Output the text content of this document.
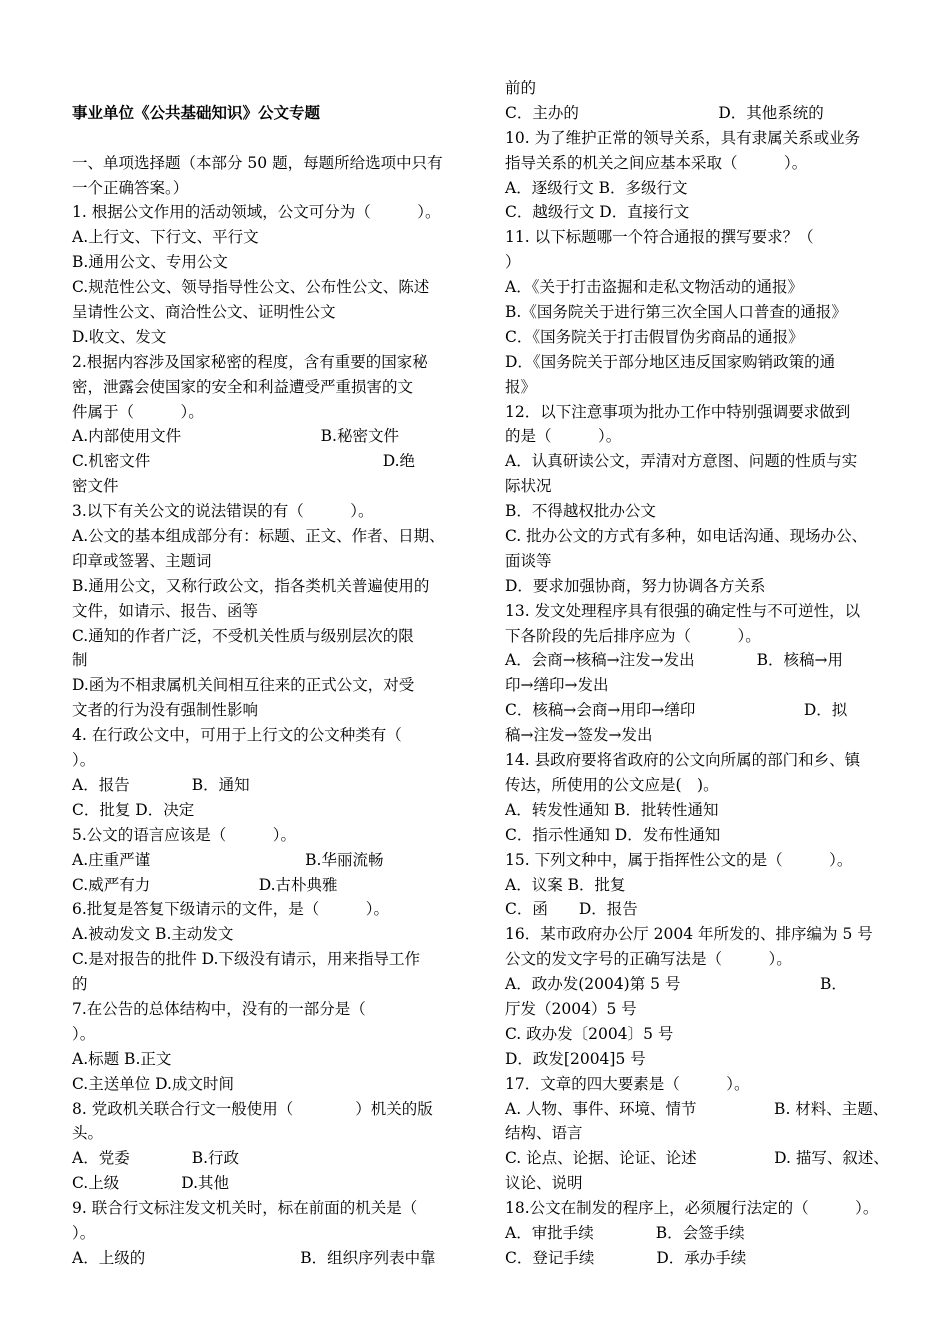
事业单位《公共基础知识》公文专题
一、单项选择题（本部分 50 题，每题所给选项中只有
一个正确答案。）
1. 根据公文作用的活动领域，公文可分为（　　　）。
A.上行文、下行文、平行文
B.通用公文、专用公文
C.规范性公文、领导指导性公文、公布性公文、陈述
呈请性公文、商洽性公文、证明性公文
D.收文、发文
2.根据内容涉及国家秘密的程度，含有重要的国家秘
密，泄露会使国家的安全和利益遭受严重损害的文
件属于（　　　）。
A.内部使用文件　　　　　　　　　B.秘密文件
C.机密文件　　　　　　　　　　　　　　　D.绝
密文件
3.以下有关公文的说法错误的有（　　　）。
A.公文的基本组成部分有：标题、正文、作者、日期、
印章或签署、主题词
B.通用公文，又称行政公文，指各类机关普遍使用的
文件，如请示、报告、函等
C.通知的作者广泛，不受机关性质与级别层次的限
制
D.函为不相隶属机关间相互往来的正式公文，对受
文者的行为没有强制性影响
4. 在行政公文中，可用于上行文的公文种类有（
）。
A．报告　　　　B．通知
C．批复 D．决定
5.公文的语言应该是（　　　）。
A.庄重严谨　　　　　　　　　　B.华丽流畅
C.威严有力　　　　　　　D.古朴典雅
6.批复是答复下级请示的文件，是（　　　）。
A.被动发文 B.主动发文
C.是对报告的批件 D.下级没有请示，用来指导工作
的
7.在公告的总体结构中，没有的一部分是（
）。
A.标题 B.正文
C.主送单位 D.成文时间
8. 党政机关联合行文一般使用（　　　　）机关的版
头。
A．党委　　　　B.行政
C.上级　　　　D.其他
9. 联合行文标注发文机关时，标在前面的机关是（
）。
A．上级的　　　　　　　　　　B．组织序列表中靠
前的
C．主办的　　　　　　　　　D．其他系统的
10. 为了维护正常的领导关系，具有隶属关系或业务
指导关系的机关之间应基本采取（　　　）。
A．逐级行文 B．多级行文
C．越级行文 D．直接行文
11. 以下标题哪一个符合通报的撰写要求？（
）
A．《关于打击盗掘和走私文物活动的通报》
B.《国务院关于进行第三次全国人口普查的通报》
C．《国务院关于打击假冒伪劣商品的通报》
D．《国务院关于部分地区违反国家购销政策的通
报》
12．以下注意事项为批办工作中特别强调要求做到
的是（　　　）。
A．认真研读公文，弄清对方意图、问题的性质与实
际状况
B．不得越权批办公文
C. 批办公文的方式有多种，如电话沟通、现场办公、
面谈等
D．要求加强协商，努力协调各方关系
13. 发文处理程序具有很强的确定性与不可逆性，以
下各阶段的先后排序应为（　　　）。
A．会商→核稿→注发→发出　　　　B．核稿→用
印→缮印→发出
C．核稿→会商→用印→缮印　　　　　　　D．拟
稿→注发→签发→发出
14. 县政府要将省政府的公文向所属的部门和乡、镇
传达，所使用的公文应是(　)。
A．转发性通知 B．批转性通知
C．指示性通知 D．发布性通知
15. 下列文种中，属于指挥性公文的是（　　　）。
A．议案 B．批复
C．函　　D．报告
16．某市政府办公厅 2004 年所发的、排序编为 5 号
公文的发文字号的正确写法是（　　　）。
A．政办发(2004)第 5 号　　　　　　　　　B．
厅发（2004）5 号
C. 政办发〔2004〕5 号
D．政发[2004]5 号
17．文章的四大要素是（　　　）。
A. 人物、事件、环境、情节　　　　　B. 材料、主题、
结构、语言
C. 论点、论据、论证、论述　　　　　D. 描写、叙述、
议论、说明
18.公文在制发的程序上，必须履行法定的（　　　）。
A．审批手续　　　　B．会签手续
C．登记手续　　　　D．承办手续
